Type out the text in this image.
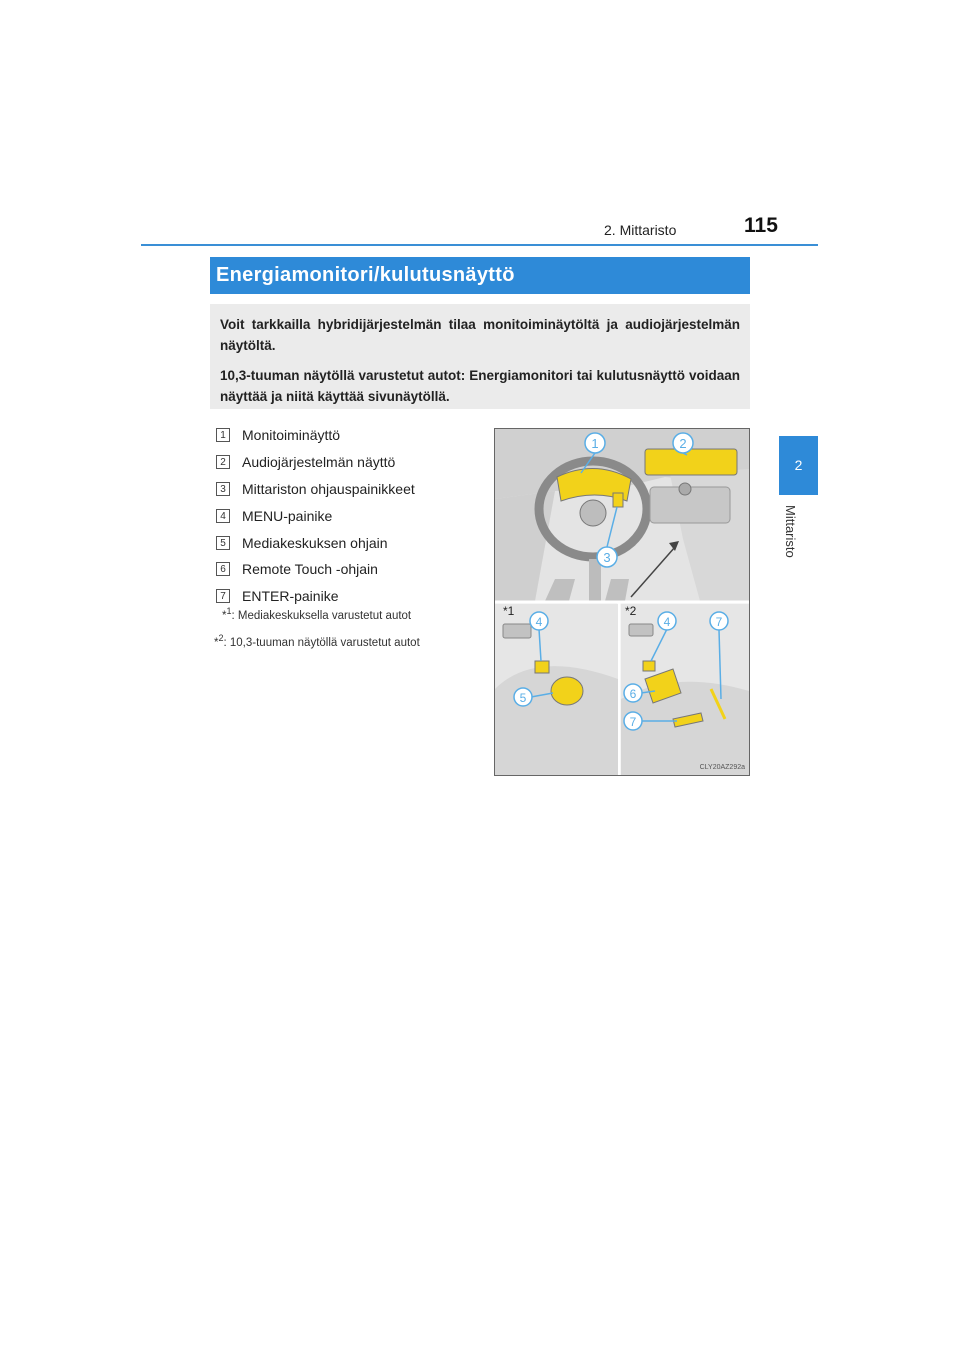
2. Mittaristo	115
2
Mittaristo
Energiamonitori/kulutusnäyttö

Voit tarkkailla hybridijärjestelmän tilaa monitoiminäytöltä ja audiojärjestelmän näytöltä.

10,3-tuuman näytöllä varustetut autot: Energiamonitori tai kulutusnäyttö voidaan näyttää ja niitä käyttää sivunäytöllä.

1	Monitoiminäyttö
2	Audiojärjestelmän näyttö
3	Mittariston ohjauspainikkeet
4	MENU-painike
5	Mediakeskuksen ohjain
6	Remote Touch -ohjain
7	ENTER-painike
*$^1$: Mediakeskuksella varustetut autot
*$^2$: 10,3-tuuman näytöllä varustetut autot
1	2
3
*1
4
5
*2
4	7
6
7
CLY20AZ292a
